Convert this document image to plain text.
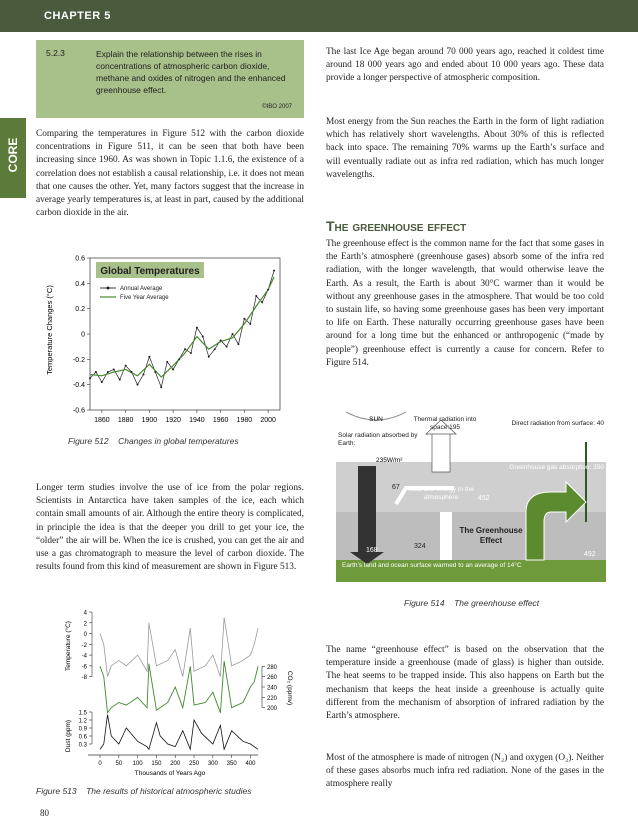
CHAPTER 5
CORE
5.2.3	Explain the relationship between the rises in concentrations of atmospheric carbon dioxide, methane and oxides of nitrogen and the enhanced greenhouse effect.
©IBO 2007
Comparing the temperatures in Figure 512 with the carbon dioxide concentrations in Figure 511, it can be seen that both have been increasing since 1960. As was shown in Topic 1.1.6, the existence of a correlation does not establish a causal relationship, i.e. it does not mean that one causes the other. Yet, many factors suggest that the increase in average yearly temperatures is, at least in part, caused by the additional carbon dioxide in the air.
Temperature Changes (°C)
0.6
0.4
0.2
0
-0.2
-0.4
-0.6
1860 1880 1900 1920 1940 1960 1980 2000
Global Temperatures
Annual Average
Five Year Average
Figure 512 Changes in global temperatures
Longer term studies involve the use of ice from the polar regions. Scientists in Antarctica have taken samples of the ice, each which contain small amounts of air. Although the entire theory is complicated, in principle the idea is that the deeper you drill to get your ice, the “older” the air will be. When the ice is crushed, you can get the air and use a gas chromatograph to measure the level of carbon dioxide. The results found from this kind of measurement are shown in Figure 513.
Temperature (°C)
Dust (ppm)
CO₂ (ppmv)
4
2
0
-2
-4
-6
-8
1.5
1.2
0.9
0.6
0.3
280
260
240
220
200
0 50 100 150 200 250 300 350 400
Thousands of Years Ago
Figure 513 The results of historical atmospheric studies
80
The last Ice Age began around 70 000 years ago, reached it coldest time around 18 000 years ago and ended about 10 000 years ago. These data provide a longer perspective of atmospheric composition.
Most energy from the Sun reaches the Earth in the form of light radiation which has relatively short wavelengths. About 30% of this is reflected back into space. The remaining 70% warms up the Earth’s surface and will eventually radiate out as infra red radiation, which has much longer wavelengths.
The greenhouse effect
The greenhouse effect is the common name for the fact that some gases in the Earth’s atmosphere (greenhouse gases) absorb some of the infra red radiation, with the longer wavelength, that would otherwise leave the Earth. As a result, the Earth is about 30°C warmer than it would be without any greenhouse gases in the atmosphere. That would be too cold to sustain life, so having some greenhouse gases has been very important to life on Earth. These naturally occurring greenhouse gases have been around for a long time but the enhanced or anthropogenic (“made by people”) greenhouse effect is currently a cause for concern. Refer to Figure 514.
SUN
Solar radiation absorbed by Earth:
235W/m²
Thermal radiation into space:195
Direct radiation from surface: 40
Greenhouse gas absorption: 350
67	Heat and energy in the atmosphere	452
168
324
The Greenhouse Effect
492
Earth’s land and ocean surface warmed to an average of 14°C
Figure 514 The greenhouse effect
The name “greenhouse effect” is based on the observation that the temperature inside a greenhouse (made of glass) is higher than outside. The heat seems to be trapped inside. This also happens on Earth but the mechanism that keeps the heat inside a greenhouse is actually quite different from the mechanism of absorption of infrared radiation by the Earth’s atmosphere.
Most of the atmosphere is made of nitrogen (N₂) and oxygen (O₂). Neither of these gases absorbs much infra red radiation. None of the gases in the atmosphere really
